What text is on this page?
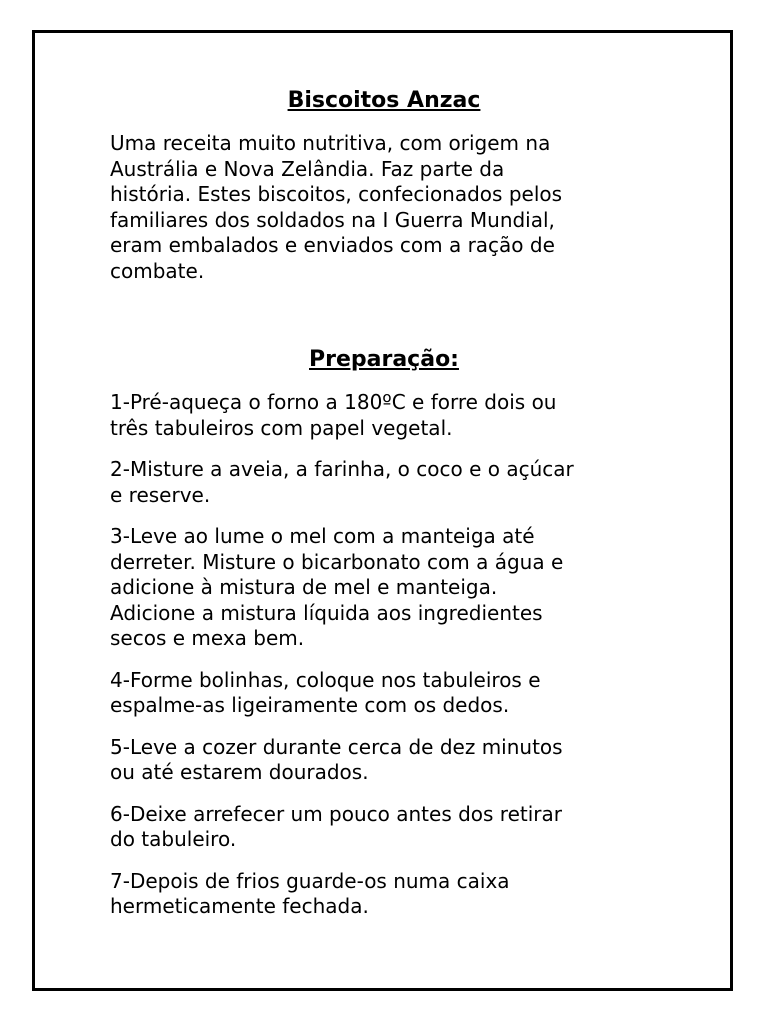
Biscoitos Anzac

Uma receita muito nutritiva, com origem na
Austrália e Nova Zelândia. Faz parte da
história. Estes biscoitos, confecionados pelos
familiares dos soldados na I Guerra Mundial,
eram embalados e enviados com a ração de
combate.

Preparação:
1-Pré-aqueça o forno a 180ºC e forre dois ou
três tabuleiros com papel vegetal.
2-Misture a aveia, a farinha, o coco e o açúcar
e reserve.
3-Leve ao lume o mel com a manteiga até
derreter. Misture o bicarbonato com a água e
adicione à mistura de mel e manteiga.
Adicione a mistura líquida aos ingredientes
secos e mexa bem.
4-Forme bolinhas, coloque nos tabuleiros e
espalme-as ligeiramente com os dedos.
5-Leve a cozer durante cerca de dez minutos
ou até estarem dourados.
6-Deixe arrefecer um pouco antes dos retirar
do tabuleiro.
7-Depois de frios guarde-os numa caixa
hermeticamente fechada.
